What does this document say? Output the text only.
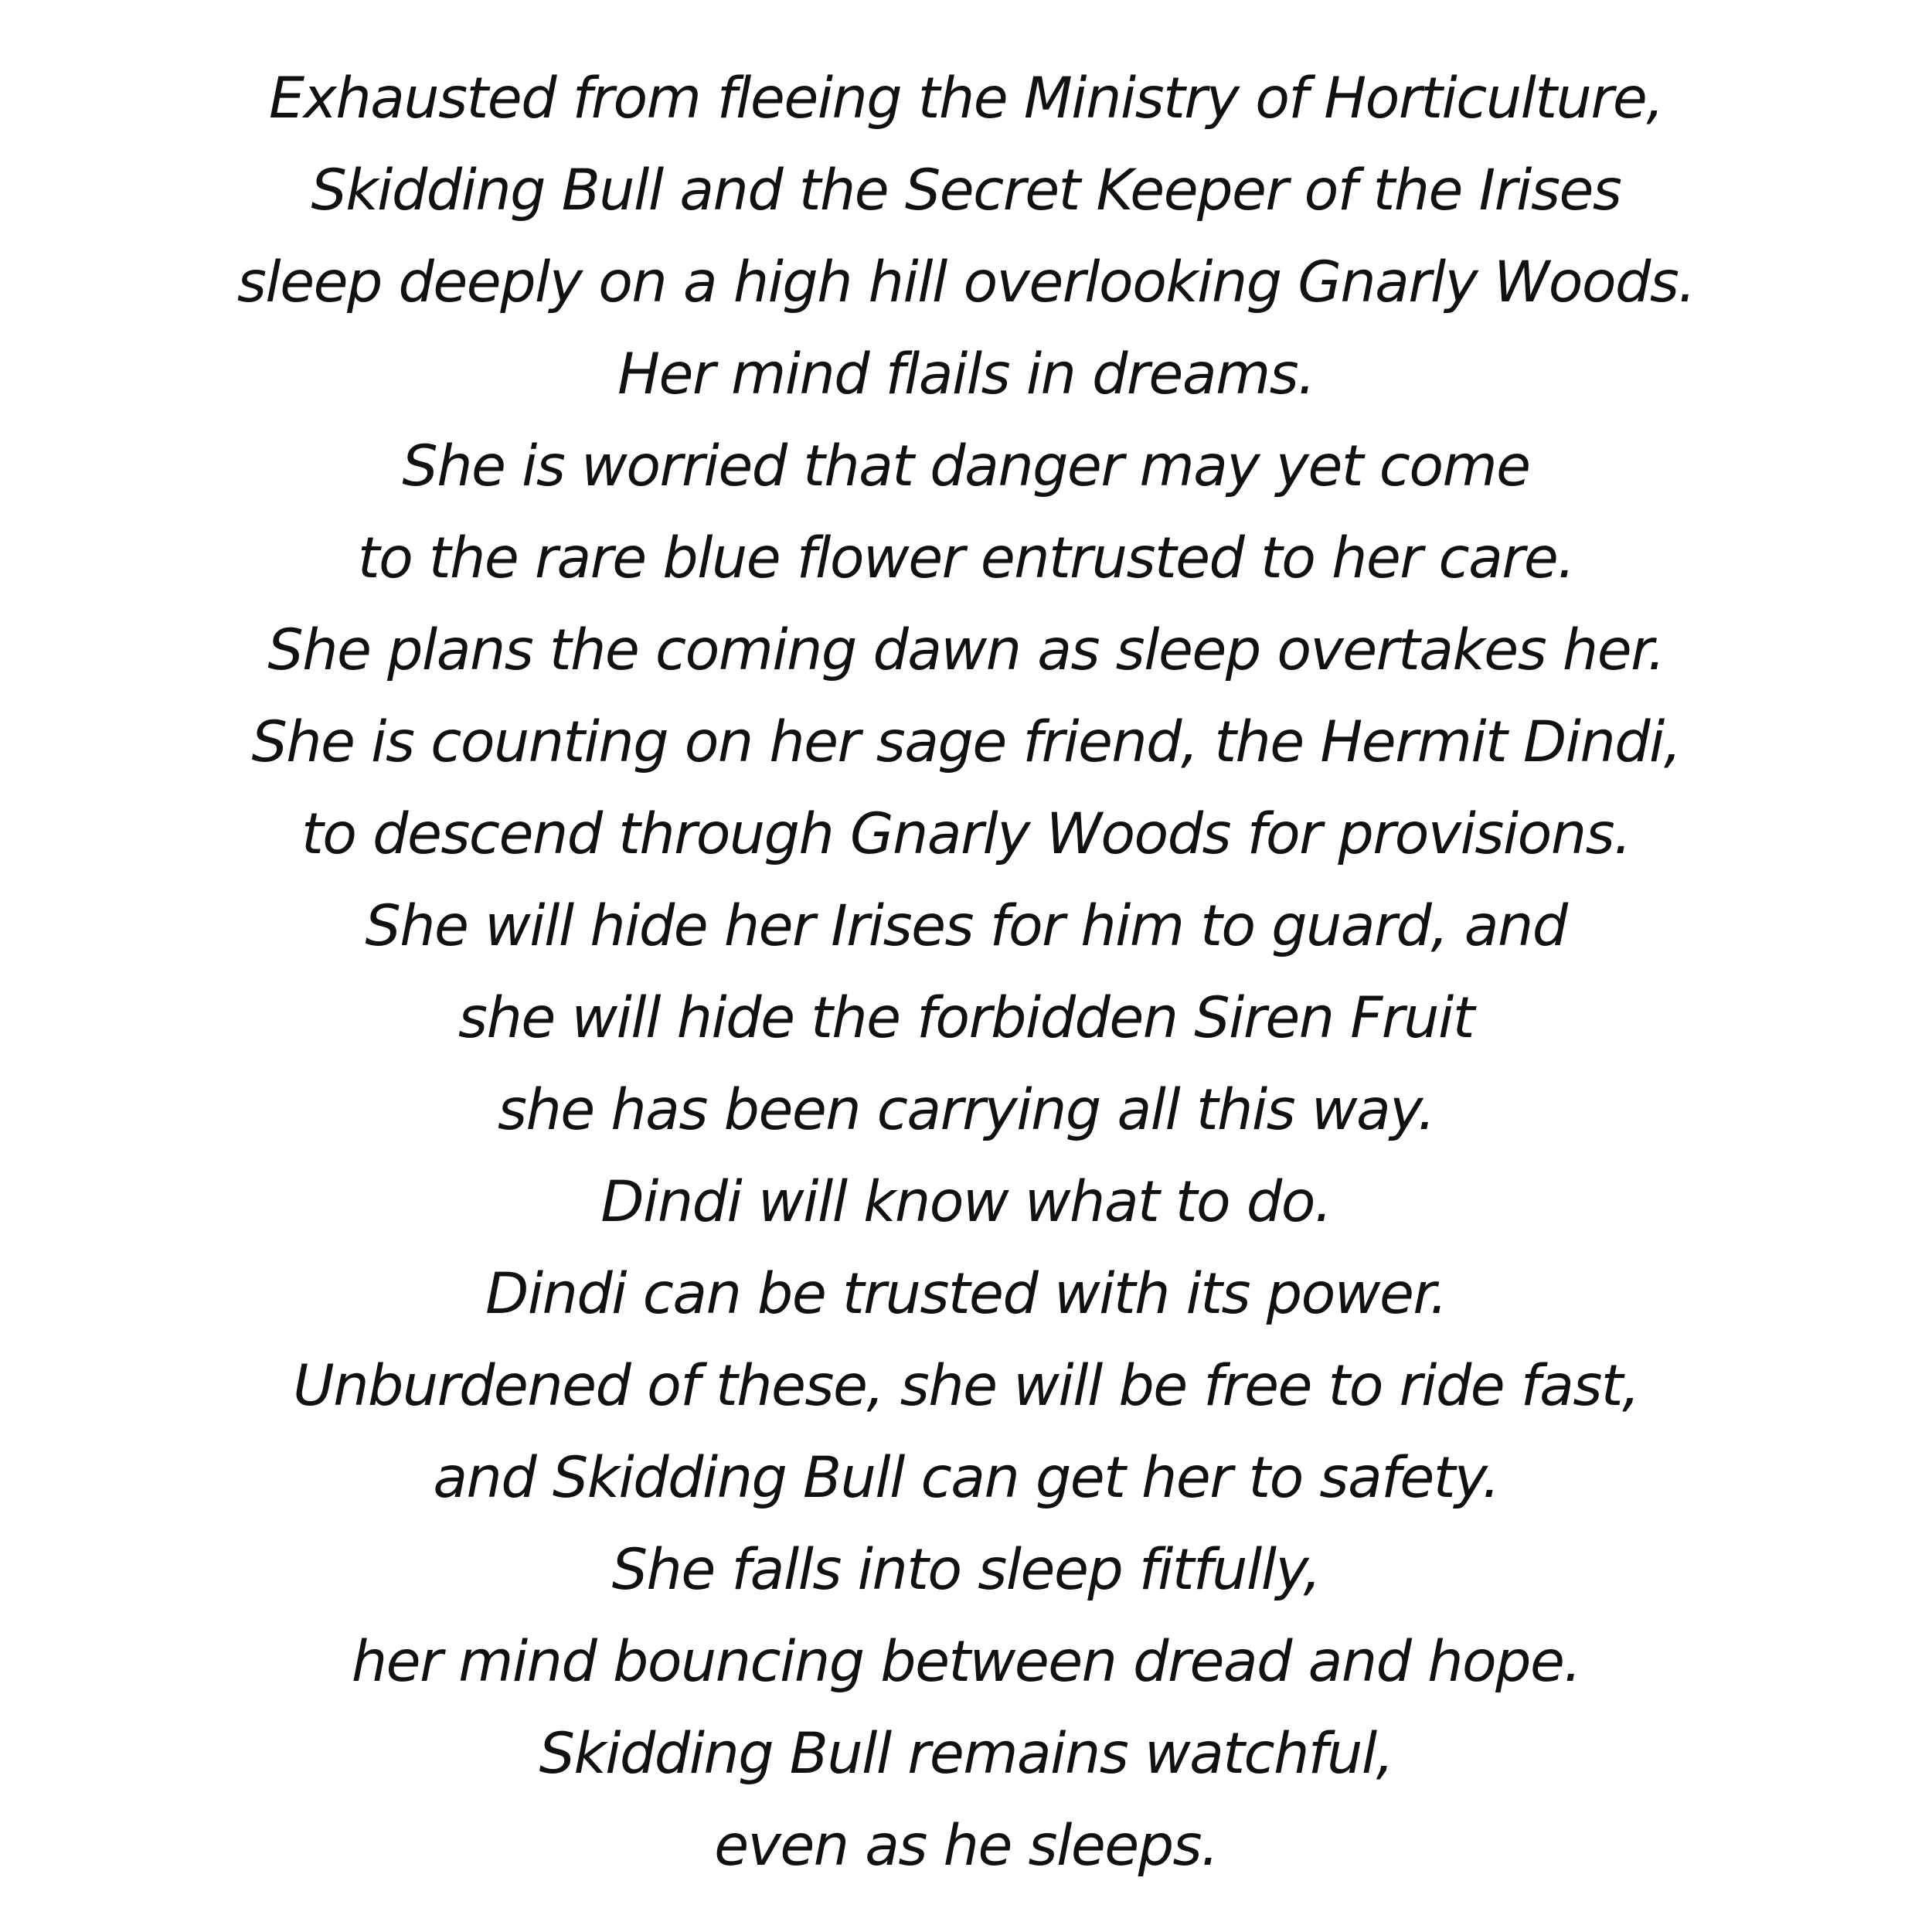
Exhausted from fleeing the Ministry of Horticulture,
Skidding Bull and the Secret Keeper of the Irises
sleep deeply on a high hill overlooking Gnarly Woods.
Her mind flails in dreams.
She is worried that danger may yet come
to the rare blue flower entrusted to her care.
She plans the coming dawn as sleep overtakes her.
She is counting on her sage friend, the Hermit Dindi,
to descend through Gnarly Woods for provisions.
She will hide her Irises for him to guard, and
she will hide the forbidden Siren Fruit
she has been carrying all this way.
Dindi will know what to do.
Dindi can be trusted with its power.
Unburdened of these, she will be free to ride fast,
and Skidding Bull can get her to safety.
She falls into sleep fitfully,
her mind bouncing between dread and hope.
Skidding Bull remains watchful,
even as he sleeps.
